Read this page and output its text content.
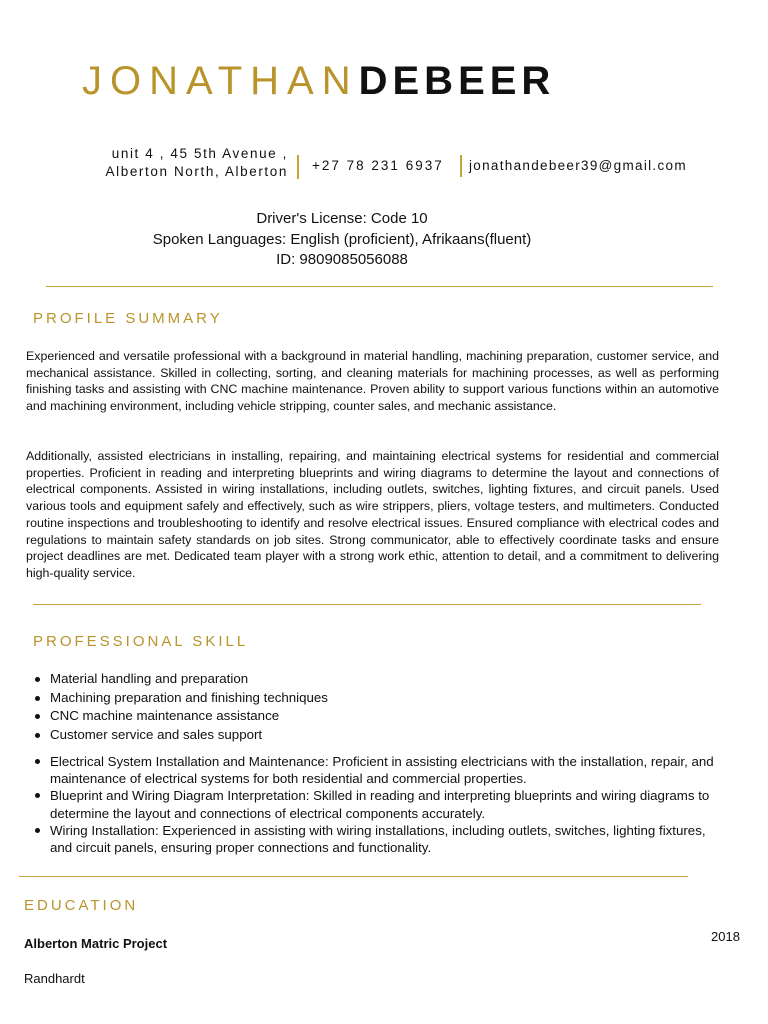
JONATHANDEBEER
unit 4 , 45 5th Avenue ,
Alberton North, Alberton +27 78 231 6937 jonathandebeer39@gmail.com
Driver's License: Code 10
Spoken Languages: English (proficient), Afrikaans(fluent)
ID: 9809085056088
PROFILE SUMMARY
Experienced and versatile professional with a background in material handling, machining preparation, customer service, and mechanical assistance. Skilled in collecting, sorting, and cleaning materials for machining processes, as well as performing finishing tasks and assisting with CNC machine maintenance. Proven ability to support various functions within an automotive and machining environment, including vehicle stripping, counter sales, and mechanic assistance.
Additionally, assisted electricians in installing, repairing, and maintaining electrical systems for residential and commercial properties. Proficient in reading and interpreting blueprints and wiring diagrams to determine the layout and connections of electrical components. Assisted in wiring installations, including outlets, switches, lighting fixtures, and circuit panels. Used various tools and equipment safely and effectively, such as wire strippers, pliers, voltage testers, and multimeters. Conducted routine inspections and troubleshooting to identify and resolve electrical issues. Ensured compliance with electrical codes and regulations to maintain safety standards on job sites. Strong communicator, able to effectively coordinate tasks and ensure project deadlines are met. Dedicated team player with a strong work ethic, attention to detail, and a commitment to delivering high-quality service.
PROFESSIONAL SKILL
Material handling and preparation
Machining preparation and finishing techniques
CNC machine maintenance assistance
Customer service and sales support
Electrical System Installation and Maintenance: Proficient in assisting electricians with the installation, repair, and maintenance of electrical systems for both residential and commercial properties.
Blueprint and Wiring Diagram Interpretation: Skilled in reading and interpreting blueprints and wiring diagrams to determine the layout and connections of electrical components accurately.
Wiring Installation: Experienced in assisting with wiring installations, including outlets, switches, lighting fixtures, and circuit panels, ensuring proper connections and functionality.
EDUCATION
Alberton Matric Project	2018
Randhardt
